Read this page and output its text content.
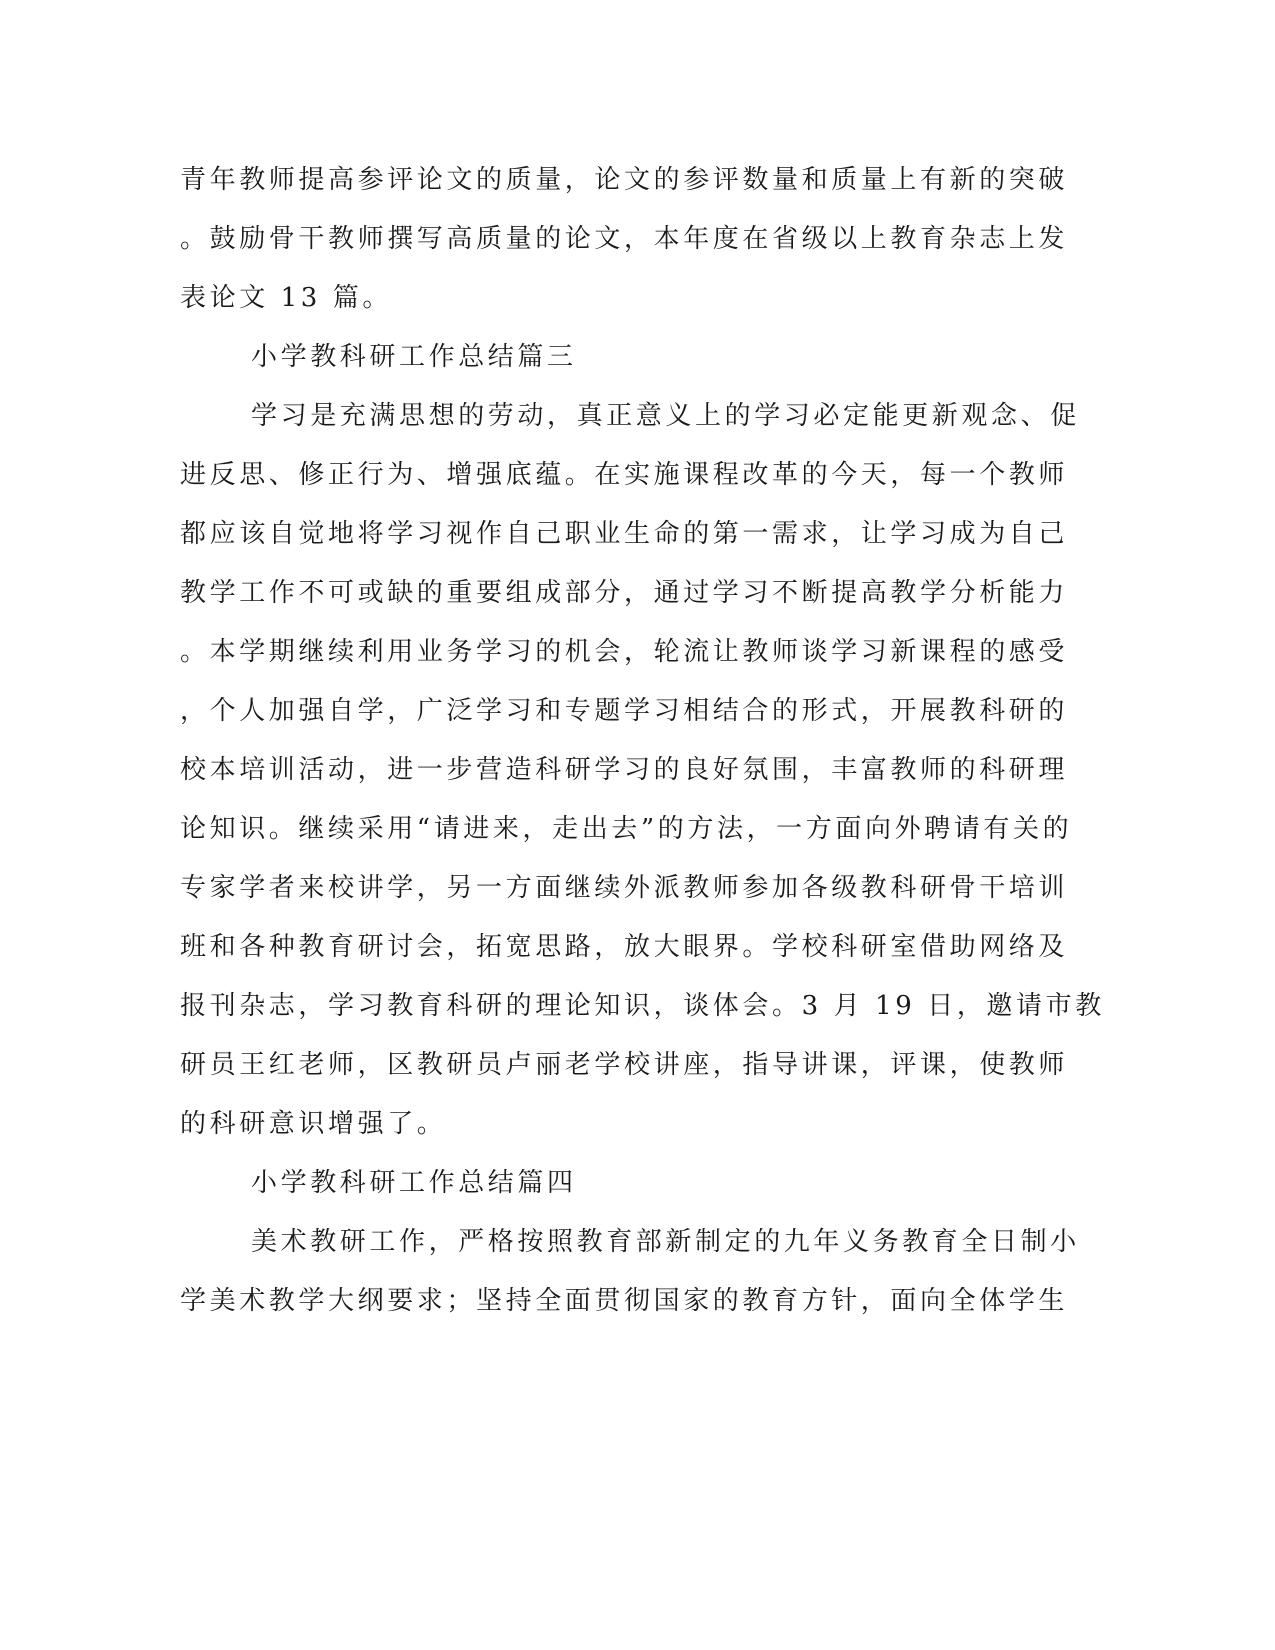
青年教师提高参评论文的质量，论文的参评数量和质量上有新的突破
。鼓励骨干教师撰写高质量的论文，本年度在省级以上教育杂志上发
表论文 13 篇。
小学教科研工作总结篇三
学习是充满思想的劳动，真正意义上的学习必定能更新观念、促
进反思、修正行为、增强底蕴。在实施课程改革的今天，每一个教师
都应该自觉地将学习视作自己职业生命的第一需求，让学习成为自己
教学工作不可或缺的重要组成部分，通过学习不断提高教学分析能力
。本学期继续利用业务学习的机会，轮流让教师谈学习新课程的感受
，个人加强自学，广泛学习和专题学习相结合的形式，开展教科研的
校本培训活动，进一步营造科研学习的良好氛围，丰富教师的科研理
论知识。继续采用“请进来，走出去”的方法，一方面向外聘请有关的
专家学者来校讲学，另一方面继续外派教师参加各级教科研骨干培训
班和各种教育研讨会，拓宽思路，放大眼界。学校科研室借助网络及
报刊杂志，学习教育科研的理论知识，谈体会。3 月 19 日，邀请市教
研员王红老师，区教研员卢丽老学校讲座，指导讲课，评课，使教师
的科研意识增强了。
小学教科研工作总结篇四
美术教研工作，严格按照教育部新制定的九年义务教育全日制小
学美术教学大纲要求；坚持全面贯彻国家的教育方针，面向全体学生
